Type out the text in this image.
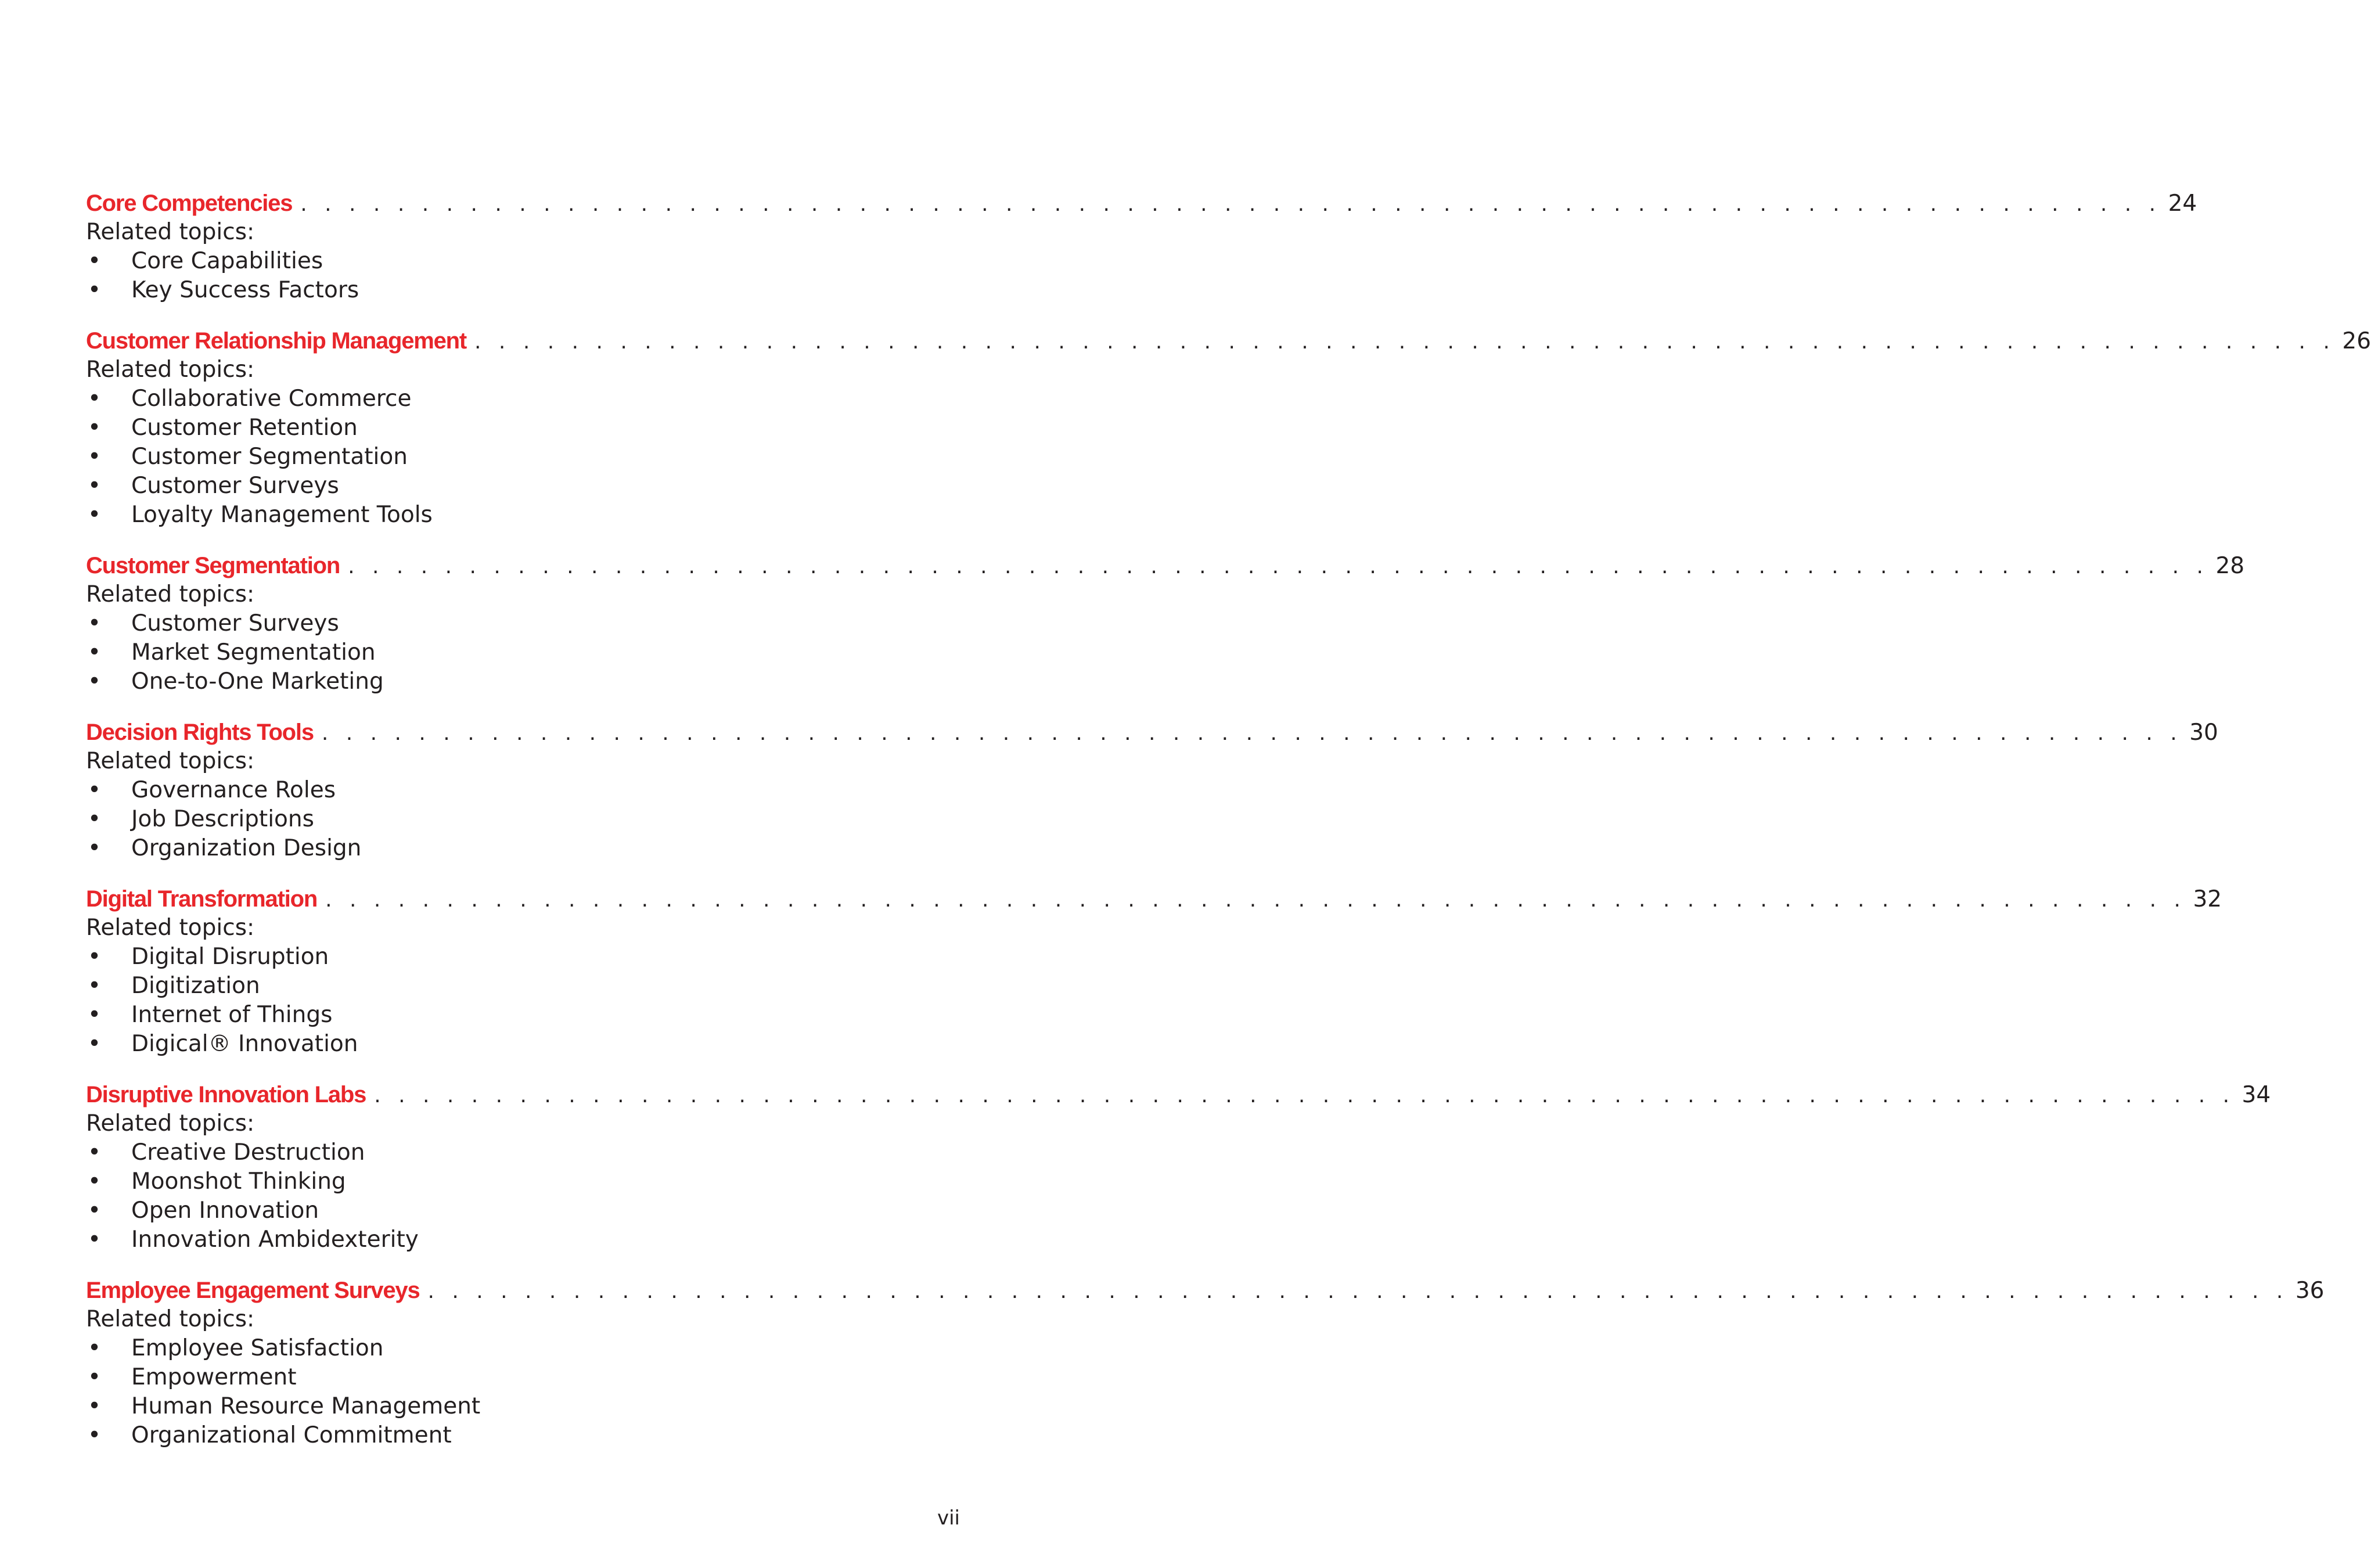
Core Competencies . . . . . . . . . . . . . . . . . . . . . . . . . . . . . . . . . . . . . . . . . . . . . . . . . . . . . . . . . . . . . . . . . . . . . . . . . . . . . 24
Related topics:
•	Core Capabilities
•	Key Success Factors
Customer Relationship Management . . . . . . . . . . . . . . . . . . . . . . . . . . . . . . . . . . . . . . . . . . . . . . . . . . . . . . . . . . . . . . . . . . . . . . . . . . . . . 26
Related topics:
•	Collaborative Commerce
•	Customer Retention
•	Customer Segmentation
•	Customer Surveys
•	Loyalty Management Tools
Customer Segmentation . . . . . . . . . . . . . . . . . . . . . . . . . . . . . . . . . . . . . . . . . . . . . . . . . . . . . . . . . . . . . . . . . . . . . . . . . . . . . 28
Related topics:
•	Customer Surveys
•	Market Segmentation
•	One-to-One Marketing
Decision Rights Tools . . . . . . . . . . . . . . . . . . . . . . . . . . . . . . . . . . . . . . . . . . . . . . . . . . . . . . . . . . . . . . . . . . . . . . . . . . . . . 30
Related topics:
•	Governance Roles
•	Job Descriptions
•	Organization Design
Digital Transformation . . . . . . . . . . . . . . . . . . . . . . . . . . . . . . . . . . . . . . . . . . . . . . . . . . . . . . . . . . . . . . . . . . . . . . . . . . . . . 32
Related topics:
•	Digital Disruption
•	Digitization
•	Internet of Things
•	Digical® Innovation
Disruptive Innovation Labs . . . . . . . . . . . . . . . . . . . . . . . . . . . . . . . . . . . . . . . . . . . . . . . . . . . . . . . . . . . . . . . . . . . . . . . . . . . . . 34
Related topics:
•	Creative Destruction
•	Moonshot Thinking
•	Open Innovation
•	Innovation Ambidexterity
Employee Engagement Surveys . . . . . . . . . . . . . . . . . . . . . . . . . . . . . . . . . . . . . . . . . . . . . . . . . . . . . . . . . . . . . . . . . . . . . . . . . . . . . 36
Related topics:
•	Employee Satisfaction
•	Empowerment
•	Human Resource Management
•	Organizational Commitment
vii
